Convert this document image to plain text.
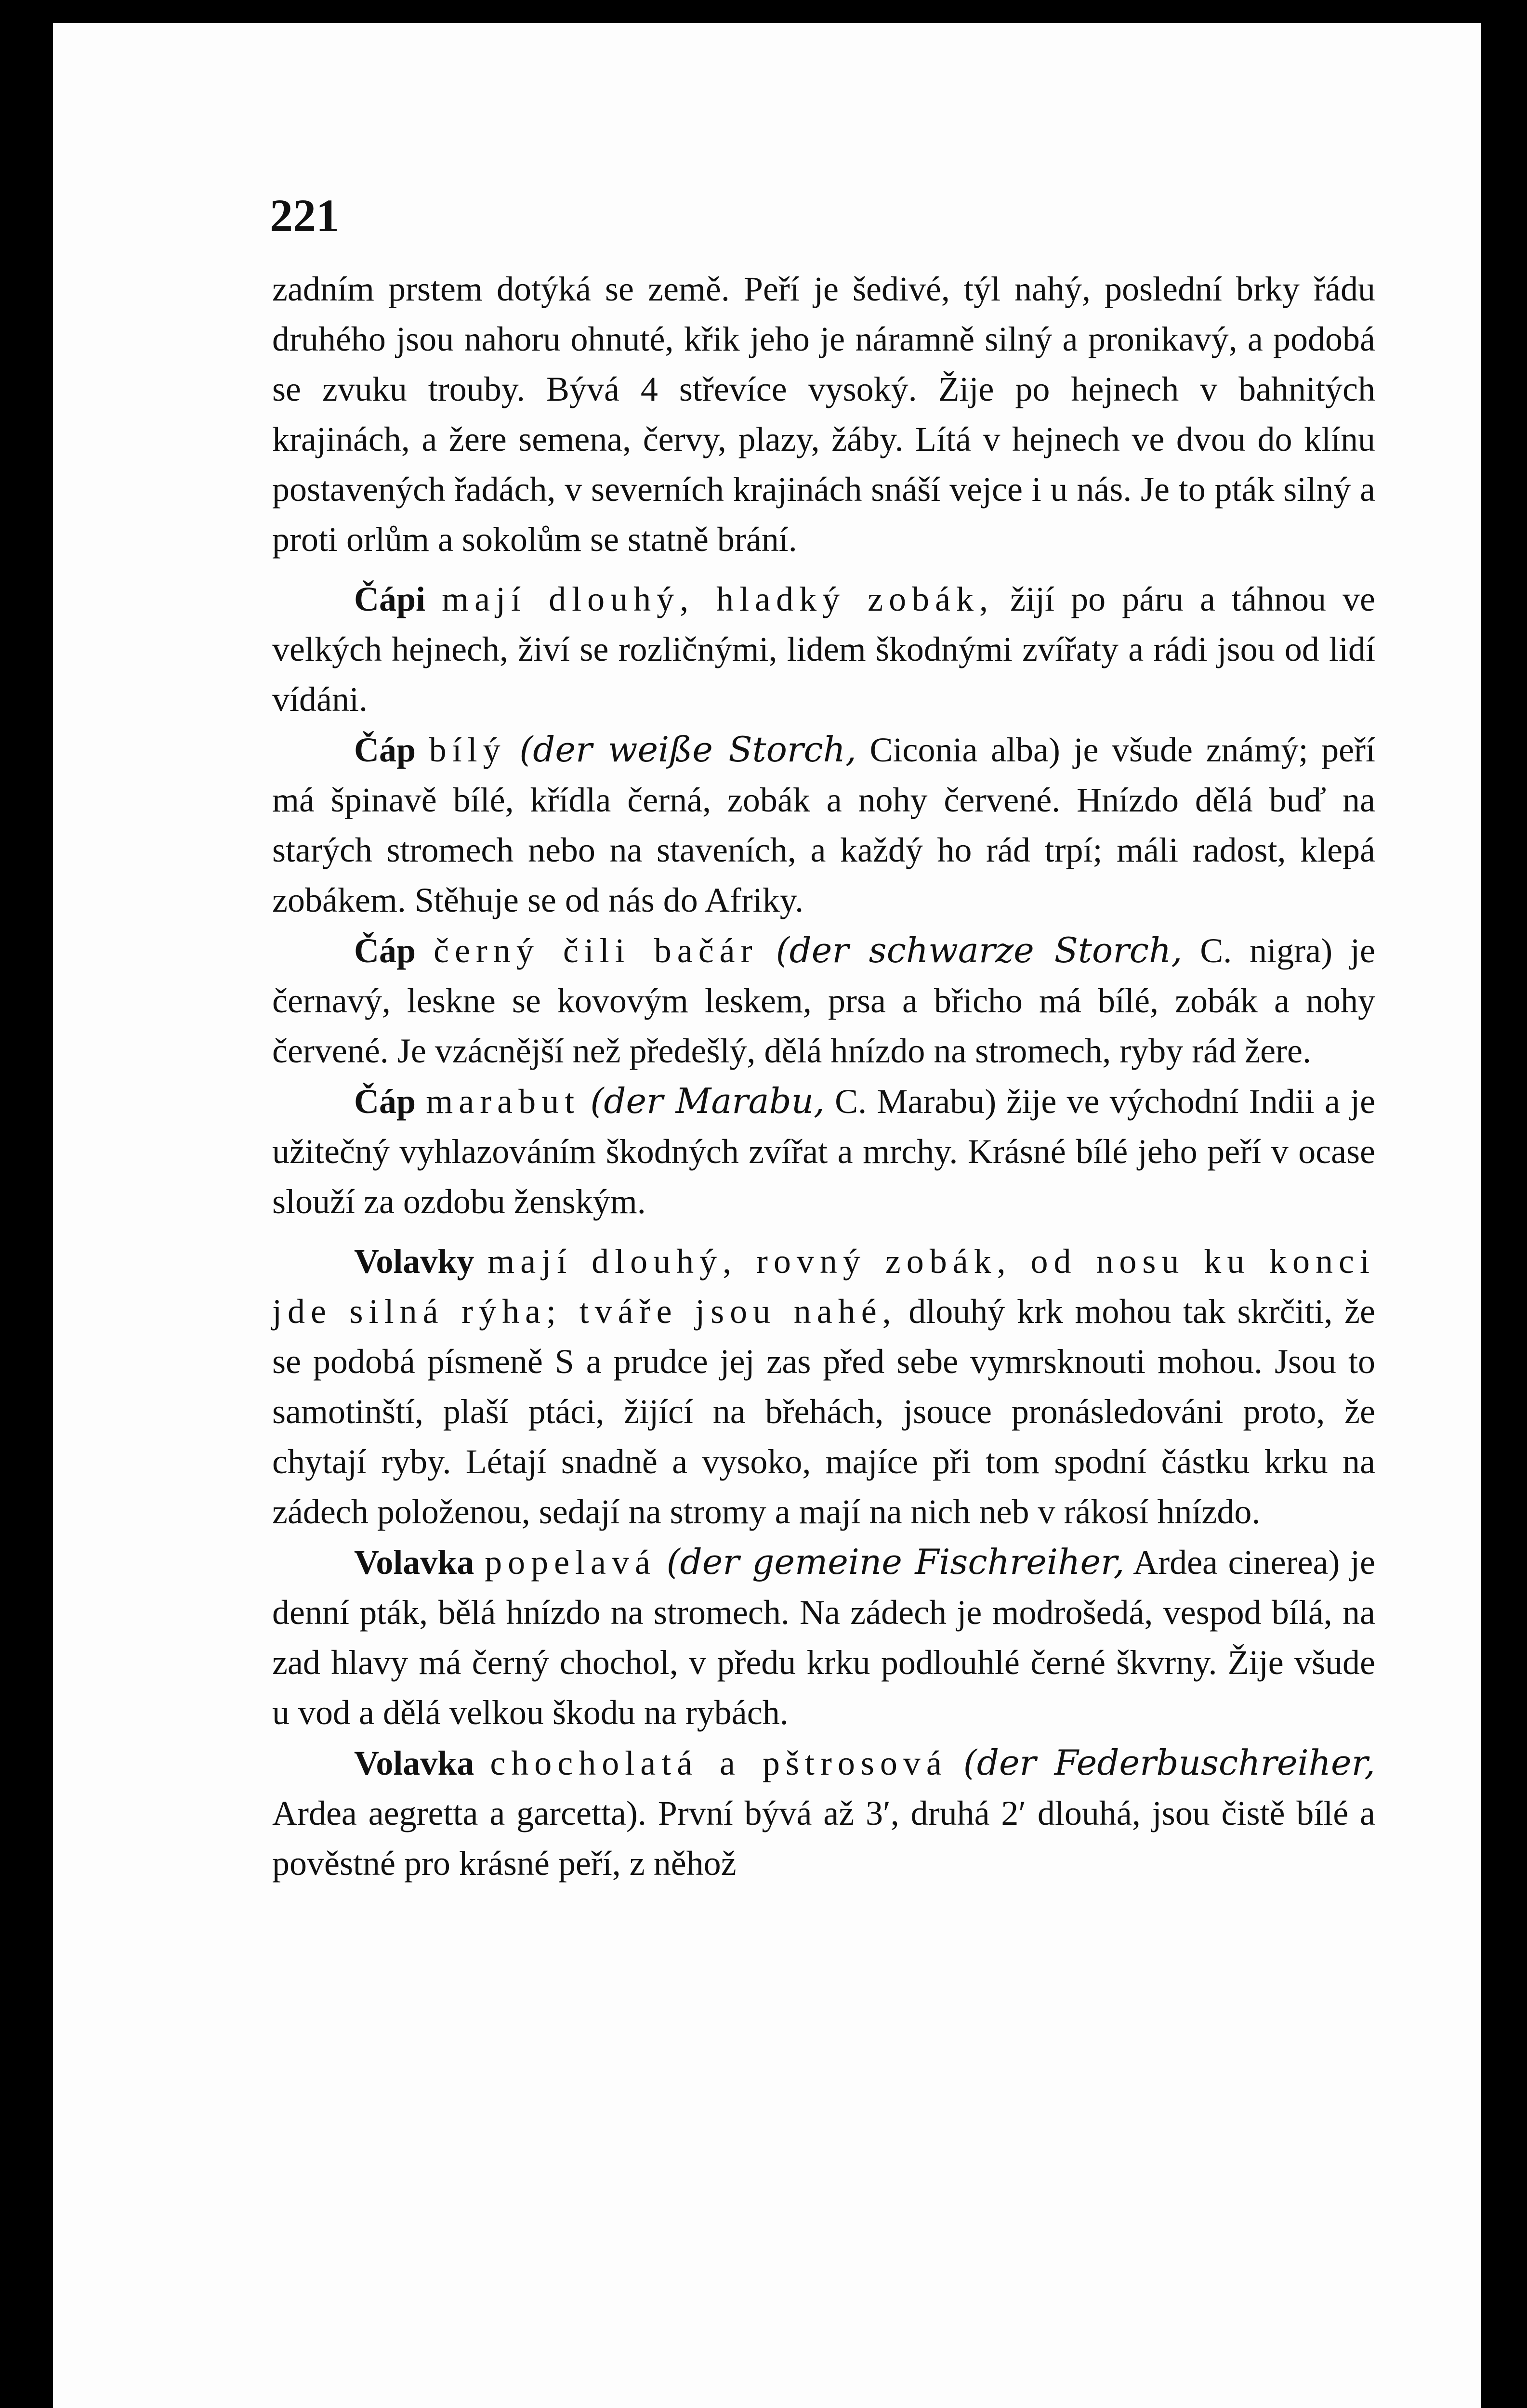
221

zadním prstem dotýká se země. Peří je šedivé, týl nahý, poslední brky řádu druhého jsou nahoru ohnuté, křik jeho je náramně silný a pronikavý, a podobá se zvuku trouby. Bývá 4 střevíce vysoký. Žije po hejnech v bahnitých krajinách, a žere semena, červy, plazy, žáby. Lítá v hejnech ve dvou do klínu postavených řadách, v severních krajinách snáší vejce i u nás. Je to pták silný a proti orlům a sokolům se statně brání.

Čápi mají dlouhý, hladký zobák, žijí po páru a táhnou ve velkých hejnech, živí se rozličnými, lidem škodnými zvířaty a rádi jsou od lidí vídáni.

Čáp bílý (der weiße Storch, Ciconia alba) je všude známý; peří má špinavě bílé, křídla černá, zobák a nohy červené. Hnízdo dělá buď na starých stromech nebo na staveních, a každý ho rád trpí; máli radost, klepá zobákem. Stěhuje se od nás do Afriky.

Čáp černý čili bačár (der schwarze Storch, C. nigra) je černavý, leskne se kovovým leskem, prsa a břicho má bílé, zobák a nohy červené. Je vzácnější než předešlý, dělá hnízdo na stromech, ryby rád žere.

Čáp marabut (der Marabu, C. Marabu) žije ve východní Indii a je užitečný vyhlazováním škodných zvířat a mrchy. Krásné bílé jeho peří v ocase slouží za ozdobu ženským.

Volavky mají dlouhý, rovný zobák, od nosu ku konci jde silná rýha; tváře jsou nahé, dlouhý krk mohou tak skrčiti, že se podobá písmeně S a prudce jej zas před sebe vymrsknouti mohou. Jsou to samotinští, plaší ptáci, žijící na břehách, jsouce pronásledováni proto, že chytají ryby. Létají snadně a vysoko, majíce při tom spodní částku krku na zádech položenou, sedají na stromy a mají na nich neb v rákosí hnízdo.

Volavka popelavá (der gemeine Fischreiher, Ardea cinerea) je denní pták, bělá hnízdo na stromech. Na zádech je modrošedá, vespod bílá, na zad hlavy má černý chochol, v předu krku podlouhlé černé škvrny. Žije všude u vod a dělá velkou škodu na rybách.

Volavka chocholatá a pštrosová (der Federbuschreiher, Ardea aegretta a garcetta). První bývá až 3′, druhá 2′ dlouhá, jsou čistě bílé a pověstné pro krásné peří, z něhož
